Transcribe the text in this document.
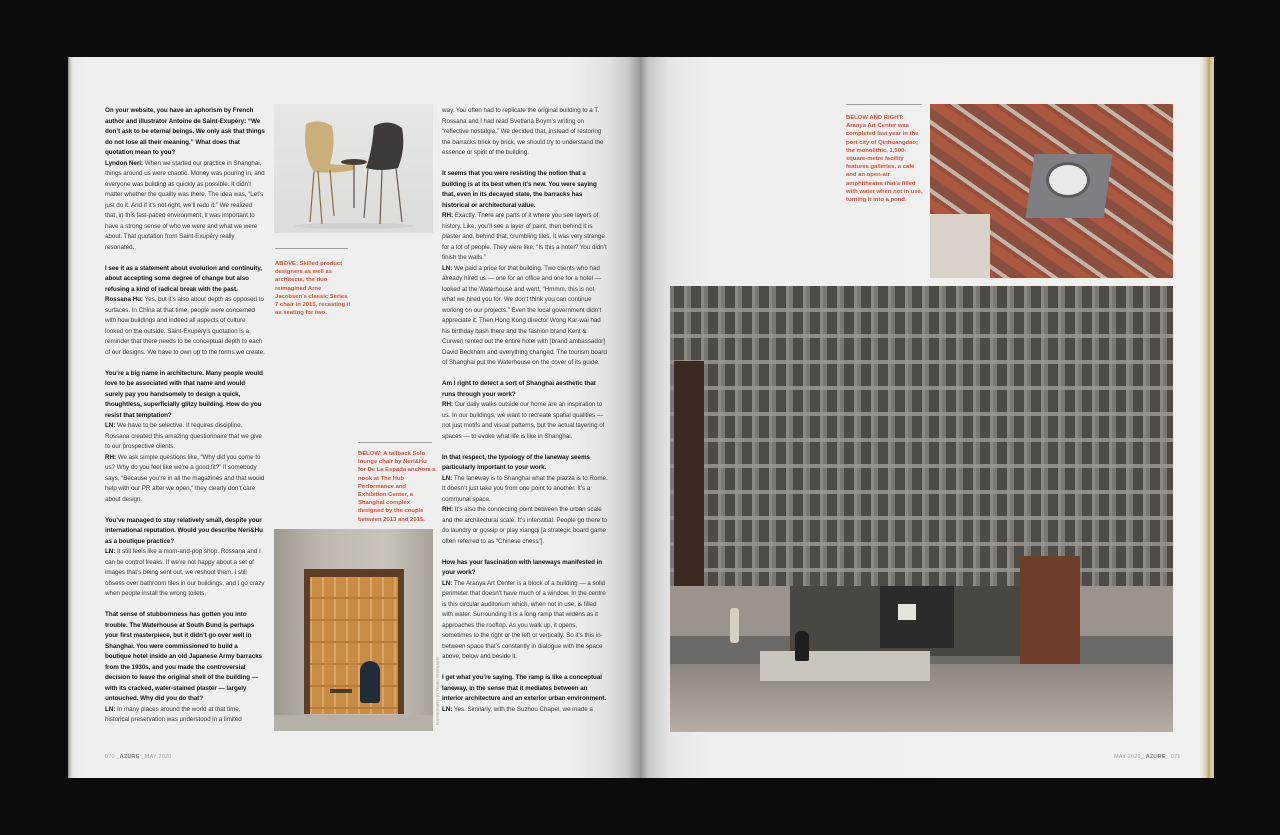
On your website, you have an aphorism by French author and illustrator Antoine de Saint-Exupéry: “We don’t ask to be eternal beings. We only ask that things do not lose all their meaning.” What does that quotation mean to you?
Lyndon Neri: When we started our practice in Shanghai, things around us were chaotic. Money was pouring in, and everyone was building as quickly as possible. It didn’t matter whether the quality was there. The idea was, “Let’s just do it. And if it’s not right, we’ll redo it.” We realized that, in this fast-paced environment, it was important to have a strong sense of who we were and what we were about. That quotation from Saint-Exupéry really resonated.

I see it as a statement about evolution and continuity, about accepting some degree of change but also refusing a kind of radical break with the past.
Rossana Hu: Yes, but it’s also about depth as opposed to surfaces. In China at that time, people were concerned with how buildings and indeed all aspects of culture looked on the outside. Saint-Exupéry’s quotation is a reminder that there needs to be conceptual depth to each of our designs. We have to own up to the forms we create.

You’re a big name in architecture. Many people would love to be associated with that name and would surely pay you handsomely to design a quick, thoughtless, superficially glitzy building. How do you resist that temptation?
LN: We have to be selective. It requires discipline. Rossana created this amazing questionnaire that we give to our prospective clients.
RH: We ask simple questions like, “Why did you come to us? Why do you feel like we’re a good fit?” If somebody says, “Because you’re in all the magazines and that would help with our PR after we open,” they clearly don’t care about design.

You’ve managed to stay relatively small, despite your international reputation. Would you describe Neri&Hu as a boutique practice?
LN: It still feels like a mom-and-pop shop. Rossana and I can be control freaks. If we’re not happy about a set of images that’s being sent out, we reshoot them. I still obsess over bathroom tiles in our buildings, and I go crazy when people install the wrong toilets.

That sense of stubbornness has gotten you into trouble. The Waterhouse at South Bund is perhaps your first masterpiece, but it didn’t go over well in Shanghai. You were commissioned to build a boutique hotel inside an old Japanese Army barracks from the 1930s, and you made the controversial decision to leave the original shell of the building — with its cracked, water-stained plaster — largely untouched. Why did you do that?
LN: In many places around the world at that time, historical preservation was understood in a limited

ABOVE: Skilled product designers as well as architects, the duo reimagined Arne Jacobsen’s classic Series 7 chair in 2015, recasting it as seating for two.
BELOW: A tallback Solo lounge chair by Neri&Hu for De La Espada anchors a nook at The Hub Performance and Exhibition Center, a Shanghai complex designed by the couple between 2013 and 2015.

way. You often had to replicate the original building to a T. Rossana and I had read Svetlana Boym’s writing on “reflective nostalgia.” We decided that, instead of restoring the barracks brick by brick, we should try to understand the essence or spirit of the building.

It seems that you were resisting the notion that a building is at its best when it’s new. You were saying that, even in its decayed state, the barracks has historical or architectural value.
RH: Exactly. There are parts of it where you see layers of history. Like, you’ll see a layer of paint, then behind it is plaster and, behind that, crumbling tiles. It was very strange for a lot of people. They were like, “Is this a hotel? You didn’t finish the walls.”
LN: We paid a price for that building. Two clients who had already hired us — one for an office and one for a hotel — looked at the Waterhouse and went, “Hmmm, this is not what we hired you for. We don’t think you can continue working on our projects.” Even the local government didn’t appreciate it. Then Hong Kong director Wong Kar-wai had his birthday bash there and the fashion brand Kent & Curwen rented out the entire hotel with [brand ambassador] David Beckham and everything changed. The tourism board of Shanghai put the Waterhouse on the cover of its guide.

Am I right to detect a sort of Shanghai aesthetic that runs through your work?
RH: Our daily walks outside our home are an inspiration to us. In our buildings, we want to recreate spatial qualities — not just motifs and visual patterns, but the actual layering of spaces — to evoke what life is like in Shanghai.

In that respect, the typology of the laneway seems particularly important to your work.
LN: The laneway is to Shanghai what the piazza is to Rome. It doesn’t just take you from one point to another. It’s a communal space.
RH: It’s also the connecting point between the urban scale and the architectural scale. It’s interstitial. People go there to do laundry or gossip or play xiangqi [a strategic board game often referred to as “Chinese chess”].

How has your fascination with laneways manifested in your work?
LN: The Aranya Art Center is a block of a building — a solid perimeter that doesn’t have much of a window. In the centre is this circular auditorium which, when not in use, is filled with water. Surrounding it is a long ramp that widens as it approaches the rooftop. As you walk up, it opens, sometimes to the right or the left or vertically. So it’s this in-between space that’s constantly in dialogue with the space above, below and beside it.

I get what you’re saying. The ramp is like a conceptual laneway, in the sense that it mediates between an interior architecture and an exterior urban environment.
LN: Yes. Similarly, with the Suzhou Chapel, we made a

PHOTOGRAPHY BY PEDRO PEGENAUTE
070 _AZURE _MAY 2020
BELOW AND RIGHT: Aranya Art Center was completed last year in the port city of Qinhuangdao; the monolithic, 1,500-square-metre facility features galleries, a café and an open-air amphitheatre that’s filled with water when not in use, turning it into a pond.
MAY 2020_ AZURE_ 071
